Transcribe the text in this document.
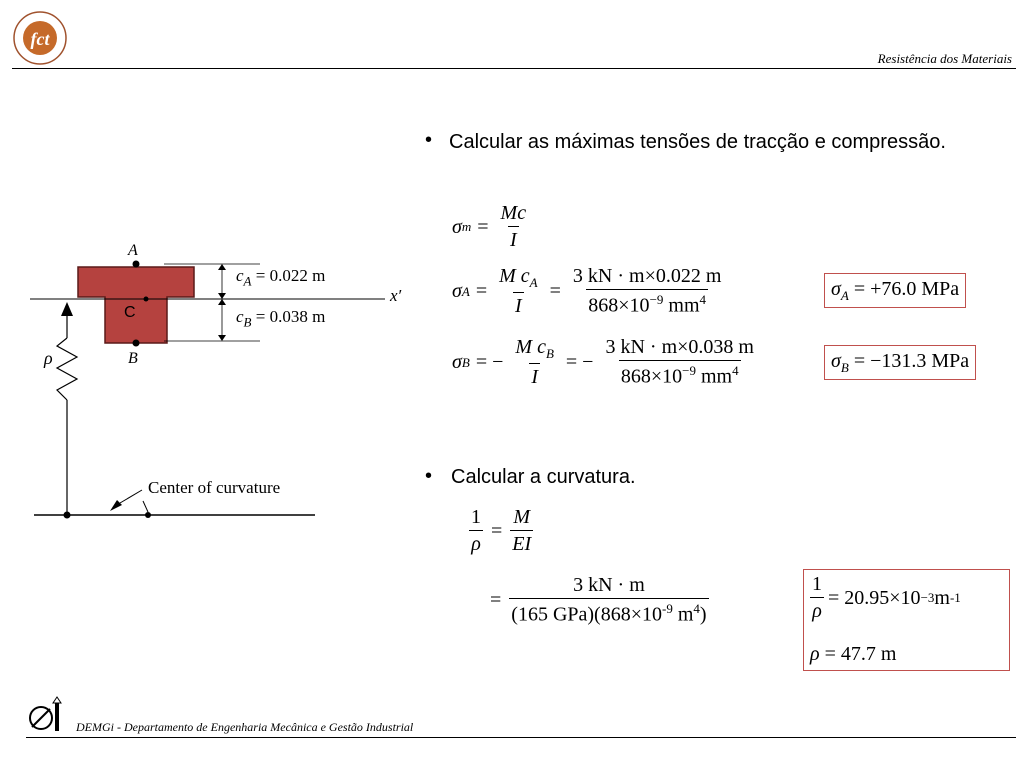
fct
Resistência dos Materiais
A
B
C
$c_A = 0.022$ m
$c_B = 0.038$ m
x′
ρ
Center of curvature
• Calcular as máximas tensões de tracção e compressão.
σ $m = \frac{Mc}{I}$
σ $A = \frac{M c_A}{I} = \frac{3 kN \cdot m\times 0.022 m}{868\times 10^{-9} mm^4}$	$\sigma_A = +76.0$ MPa
σ B = − $\frac{M c_B}{I}$ = − $\frac{3 kN \cdot m\times 0.038 m}{868\times 10^{-9} mm^4}$	$\sigma_B = -131.3$ MPa
• Calcular a curvatura.
$\frac{1}{\rho} = \frac{M}{EI}$
= $\frac{3 kN \cdot m}{(165 GPa)(868\times 10^{-9} m^4)}$	$\frac{1}{\rho} = 20.95\times 10 -3$ m -1
ρ = 47.7 m
DEMGi - Departamento de Engenharia Mecânica e Gestão Industrial
